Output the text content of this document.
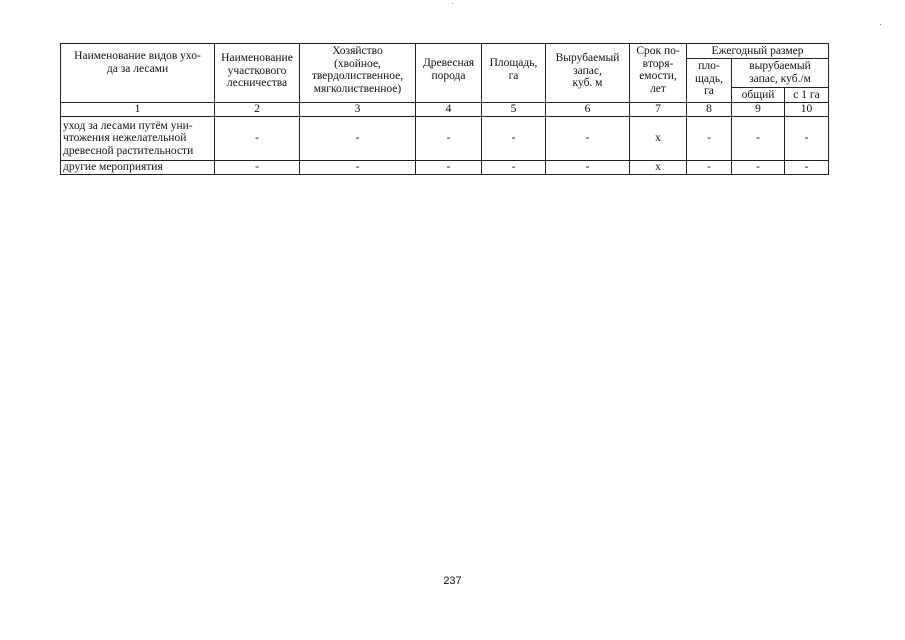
Наименование видов ухо-
да за лесами	Наименование
участкового
лесничества	Хозяйство
(хвойное,
твердолиственное,
мягколиственное)	Древесная
порода	Площадь,
га	Вырубаемый
запас,
куб. м	Срок по-
вторя-
емости,
лет	Ежегодный размер		
							пло-
щадь,
га	вырубаемый
запас, куб./м	

								общий	с 1 га
1	2	3	4	5	6	7	8	9	10
уход за лесами путём уни-
чтожения нежелательной
древесной растительности	-	-	-	-	-	х	-	-	-
другие мероприятия	-	-	-	-	-	х	-	-	-
237
